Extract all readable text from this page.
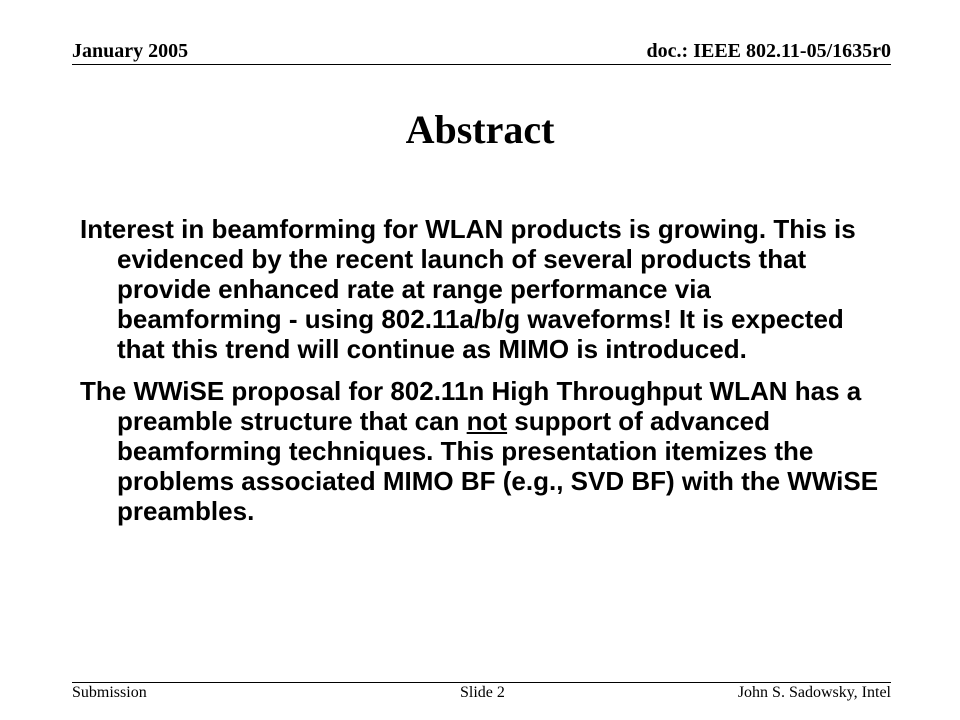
January 2005	doc.: IEEE 802.11-05/1635r0
Abstract

Interest in beamforming for WLAN products is growing. This is evidenced by the recent launch of several products that provide enhanced rate at range performance via beamforming - using 802.11a/b/g waveforms! It is expected that this trend will continue as MIMO is introduced.

The WWiSE proposal for 802.11n High Throughput WLAN has a preamble structure that can not support of advanced beamforming techniques. This presentation itemizes the problems associated MIMO BF (e.g., SVD BF) with the WWiSE preambles.

Submission	Slide 2	John S. Sadowsky, Intel
